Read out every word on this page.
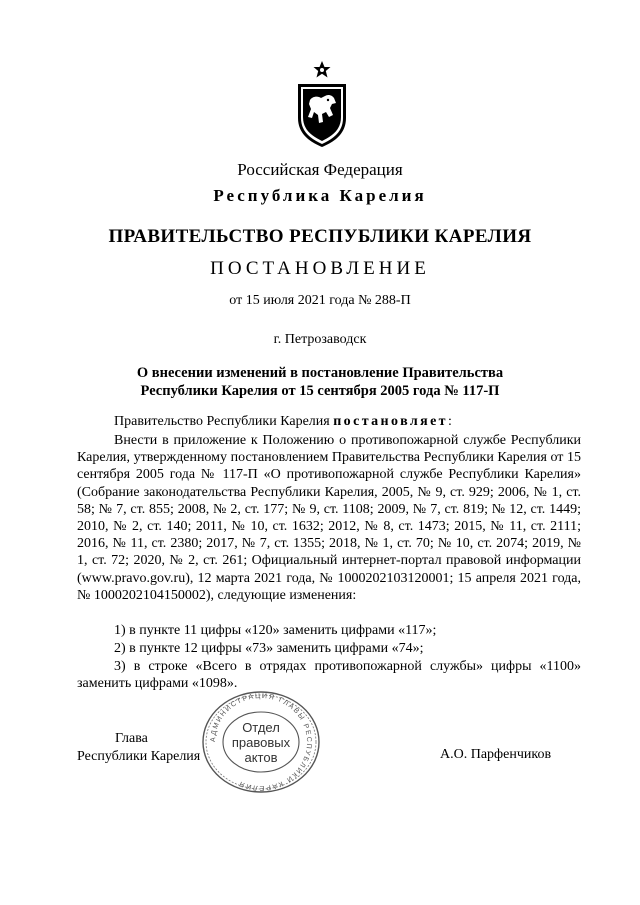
Российская Федерация
Республика Карелия
ПРАВИТЕЛЬСТВО РЕСПУБЛИКИ КАРЕЛИЯ
ПОСТАНОВЛЕНИЕ
от 15 июля 2021 года № 288-П
г. Петрозаводск
О внесении изменений в постановление Правительства
Республики Карелия от 15 сентября 2005 года № 117-П
Правительство Республики Карелия постановляет:
Внести в приложение к Положению о противопожарной службе Республики Карелия, утвержденному постановлением Правительства Республики Карелия от 15 сентября 2005 года № 117-П «О противопожарной службе Республики Карелия» (Собрание законодательства Республики Карелия, 2005, № 9, ст. 929; 2006, № 1, ст. 58; № 7, ст. 855; 2008, № 2, ст. 177; № 9, ст. 1108; 2009, № 7, ст. 819; № 12, ст. 1449; 2010, № 2, ст. 140; 2011, № 10, ст. 1632; 2012, № 8, ст. 1473; 2015, № 11, ст. 2111; 2016, № 11, ст. 2380; 2017, № 7, ст. 1355; 2018, № 1, ст. 70; № 10, ст. 2074; 2019, № 1, ст. 72; 2020, № 2, ст. 261; Официальный интернет-портал правовой информации (www.pravo.gov.ru), 12 марта 2021 года, № 1000202103120001; 15 апреля 2021 года, № 1000202104150002), следующие изменения:
1) в пункте 11 цифры «120» заменить цифрами «117»;
2) в пункте 12 цифры «73» заменить цифрами «74»;
3) в строке «Всего в отрядах противопожарной службы» цифры «1100» заменить цифрами «1098».
Глава
Республики Карелия	А.О. Парфенчиков
АДМИНИСТРАЦИЯ ГЛАВЫ РЕСПУБЛИКИ КАРЕЛИЯ
Отдел
правовых
актов
